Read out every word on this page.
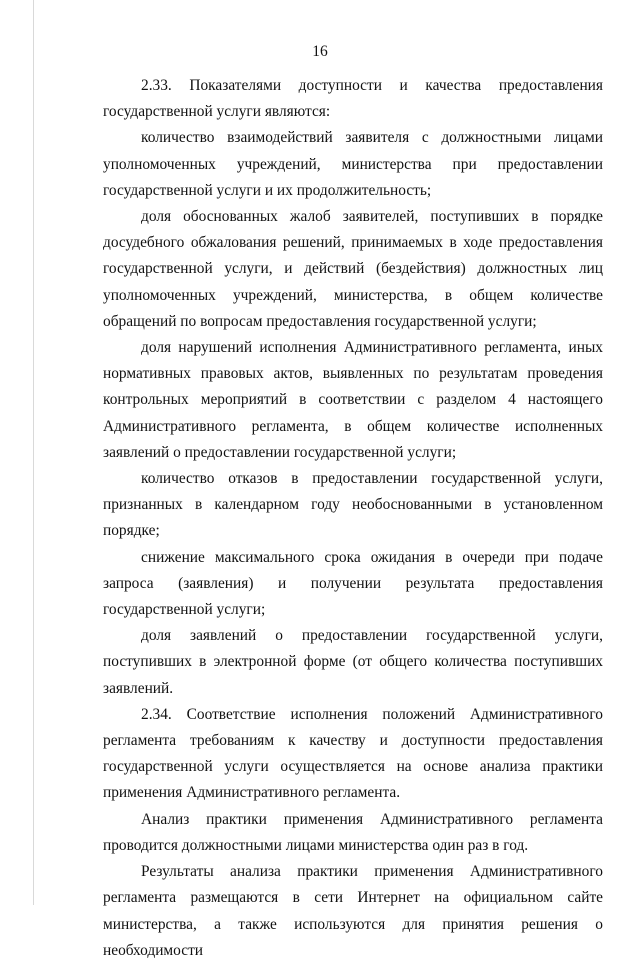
16

2.33. Показателями доступности и качества предоставления государственной услуги являются:

количество взаимодействий заявителя с должностными лицами уполномоченных учреждений, министерства при предоставлении государственной услуги и их продолжительность;

доля обоснованных жалоб заявителей, поступивших в порядке досудебного обжалования решений, принимаемых в ходе предоставления государственной услуги, и действий (бездействия) должностных лиц уполномоченных учреждений, министерства, в общем количестве обращений по вопросам предоставления государственной услуги;

доля нарушений исполнения Административного регламента, иных нормативных правовых актов, выявленных по результатам проведения контрольных мероприятий в соответствии с разделом 4 настоящего Административного регламента, в общем количестве исполненных заявлений о предоставлении государственной услуги;

количество отказов в предоставлении государственной услуги, признанных в календарном году необоснованными в установленном порядке;

снижение максимального срока ожидания в очереди при подаче запроса (заявления) и получении результата предоставления государственной услуги;

доля заявлений о предоставлении государственной услуги, поступивших в электронной форме (от общего количества поступивших заявлений.

2.34. Соответствие исполнения положений Административного регламента требованиям к качеству и доступности предоставления государственной услуги осуществляется на основе анализа практики применения Административного регламента.

Анализ практики применения Административного регламента проводится должностными лицами министерства один раз в год.

Результаты анализа практики применения Административного регламента размещаются в сети Интернет на официальном сайте министерства, а также используются для принятия решения о необходимости
